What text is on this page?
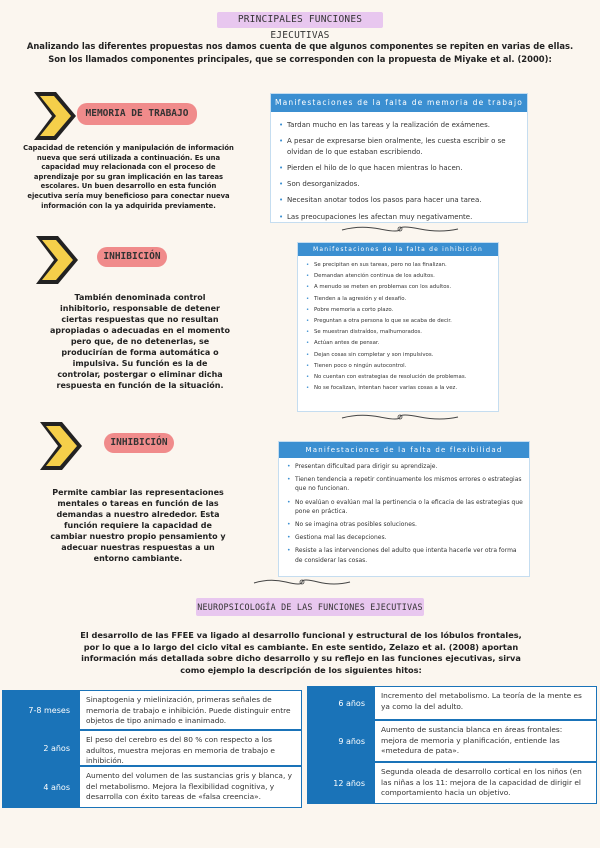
PRINCIPALES FUNCIONES EJECUTIVAS
Analizando las diferentes propuestas nos damos cuenta de que algunos componentes se repiten en varias de ellas.
Son los llamados componentes principales, que se corresponden con la propuesta de Miyake et al. (2000):
MEMORIA DE TRABAJO
Capacidad de retención y manipulación de información nueva que será utilizada a continuación. Es una capacidad muy relacionada con el proceso de aprendizaje por su gran implicación en las tareas escolares. Un buen desarrollo en esta función ejecutiva sería muy beneficioso para conectar nueva información con la ya adquirida previamente.
Manifestaciones de la falta de memoria de trabajo
• Tardan mucho en las tareas y la realización de exámenes.
• A pesar de expresarse bien oralmente, les cuesta escribir o se olvidan de lo que estaban escribiendo.
• Pierden el hilo de lo que hacen mientras lo hacen.
• Son desorganizados.
• Necesitan anotar todos los pasos para hacer una tarea.
• Las preocupaciones les afectan muy negativamente.
INHIBICIÓN
También denominada control inhibitorio, responsable de detener ciertas respuestas que no resultan apropiadas o adecuadas en el momento pero que, de no detenerlas, se producirían de forma automática o impulsiva. Su función es la de controlar, postergar o eliminar dicha respuesta en función de la situación.
Manifestaciones de la falta de inhibición
• Se precipitan en sus tareas, pero no las finalizan.
• Demandan atención continua de los adultos.
• A menudo se meten en problemas con los adultos.
• Tienden a la agresión y el desafío.
• Pobre memoria a corto plazo.
• Preguntan a otra persona lo que se acaba de decir.
• Se muestran distraídos, malhumorados.
• Actúan antes de pensar.
• Dejan cosas sin completar y son impulsivos.
• Tienen poco o ningún autocontrol.
• No cuentan con estrategias de resolución de problemas.
• No se focalizan, intentan hacer varias cosas a la vez.
INHIBICIÓN
Permite cambiar las representaciones mentales o tareas en función de las demandas a nuestro alrededor. Esta función requiere la capacidad de cambiar nuestro propio pensamiento y adecuar nuestras respuestas a un entorno cambiante.
Manifestaciones de la falta de flexibilidad
• Presentan dificultad para dirigir su aprendizaje.
• Tienen tendencia a repetir continuamente los mismos errores o estrategias que no funcionan.
• No evalúan o evalúan mal la pertinencia o la eficacia de las estrategias que pone en práctica.
• No se imagina otras posibles soluciones.
• Gestiona mal las decepciones.
• Resiste a las intervenciones del adulto que intenta hacerle ver otra forma de considerar las cosas.
NEUROPSICOLOGÍA DE LAS FUNCIONES EJECUTIVAS
El desarrollo de las FFEE va ligado al desarrollo funcional y estructural de los lóbulos frontales, por lo que a lo largo del ciclo vital es cambiante. En este sentido, Zelazo et al. (2008) aportan información más detallada sobre dicho desarrollo y su reflejo en las funciones ejecutivas, sirva como ejemplo la descripción de los siguientes hitos:
7-8 meses
Sinaptogenia y mielinización, primeras señales de memoria de trabajo e inhibición. Puede distinguir entre objetos de tipo animado e inanimado.
2 años
El peso del cerebro es del 80 % con respecto a los adultos, muestra mejoras en memoria de trabajo e inhibición.
4 años
Aumento del volumen de las sustancias gris y blanca, y del metabolismo. Mejora la flexibilidad cognitiva, y desarrolla con éxito tareas de «falsa creencia».
6 años
Incremento del metabolismo. La teoría de la mente es ya como la del adulto.
9 años
Aumento de sustancia blanca en áreas frontales: mejora de memoria y planificación, entiende las «metedura de pata».
12 años
Segunda oleada de desarrollo cortical en los niños (en las niñas a los 11: mejora de la capacidad de dirigir el comportamiento hacia un objetivo.
